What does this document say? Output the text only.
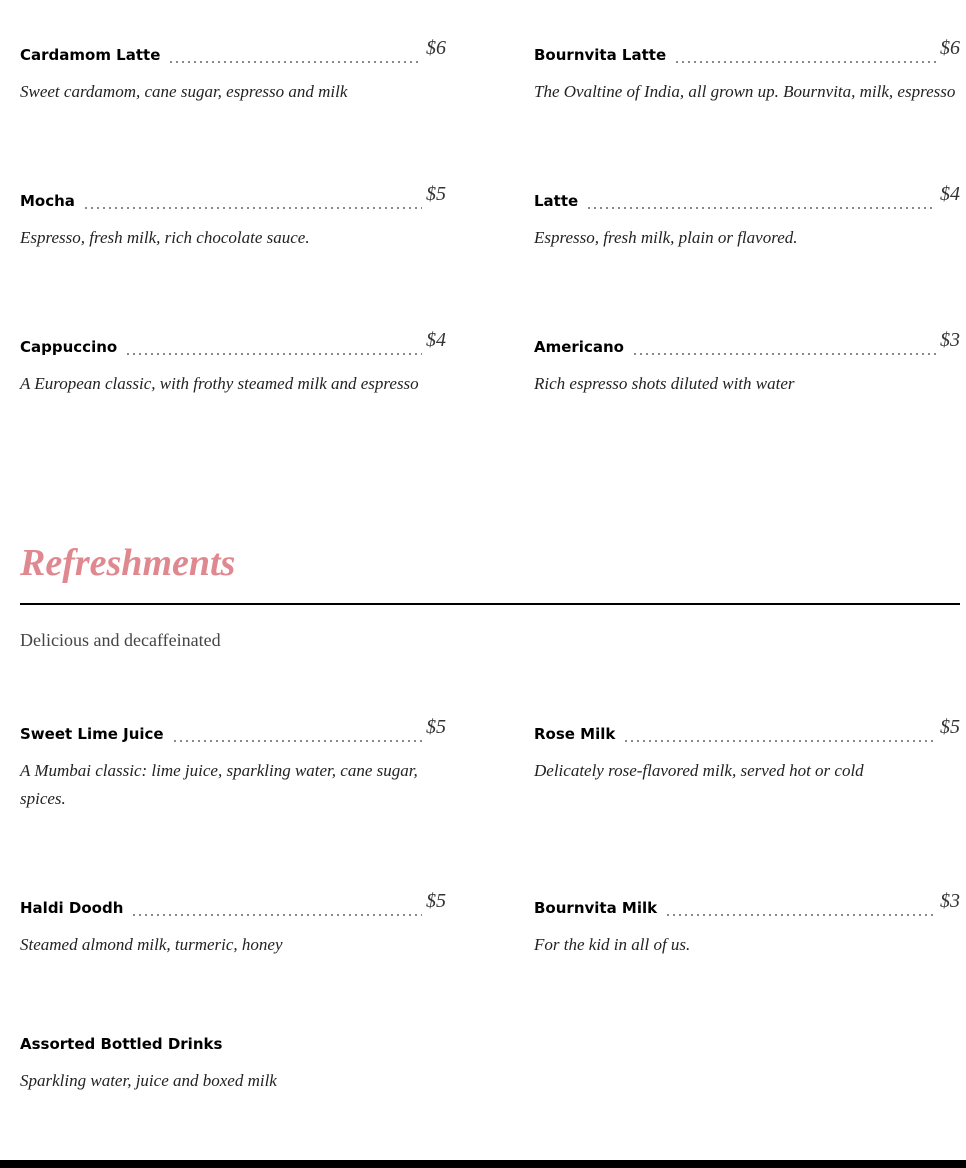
Cardamom Latte	$6
Sweet cardamom, cane sugar, espresso and milk
Bournvita Latte	$6
The Ovaltine of India, all grown up. Bournvita, milk, espresso
Mocha	$5
Espresso, fresh milk, rich chocolate sauce.
Latte	$4
Espresso, fresh milk, plain or flavored.
Cappuccino	$4
A European classic, with frothy steamed milk and espresso
Americano	$3
Rich espresso shots diluted with water
Refreshments
Delicious and decaffeinated
Sweet Lime Juice	$5
A Mumbai classic: lime juice, sparkling water, cane sugar, spices.
Rose Milk	$5
Delicately rose-flavored milk, served hot or cold
Haldi Doodh	$5
Steamed almond milk, turmeric, honey
Bournvita Milk	$3
For the kid in all of us.
Assorted Bottled Drinks
Sparkling water, juice and boxed milk
